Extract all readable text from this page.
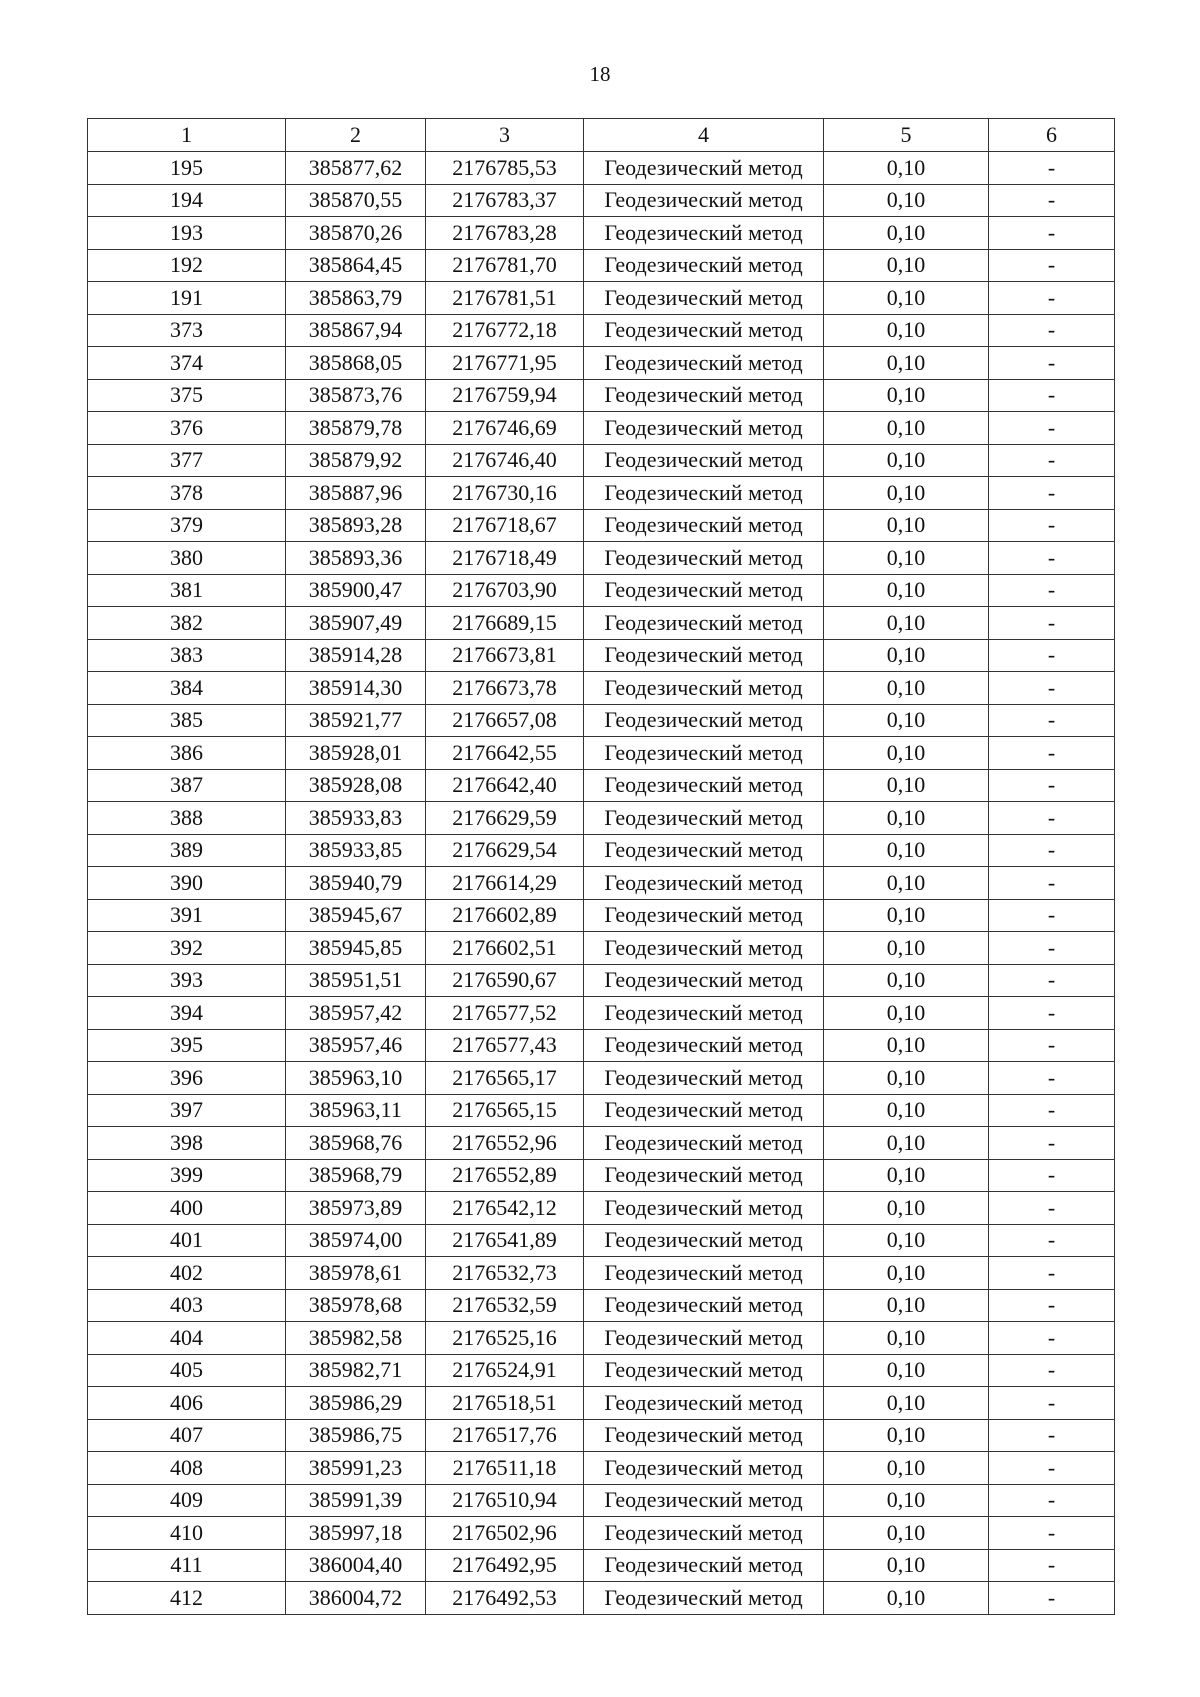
18
1	2	3	4	5	6
195	385877,62	2176785,53	Геодезический метод	0,10	-
194	385870,55	2176783,37	Геодезический метод	0,10	-
193	385870,26	2176783,28	Геодезический метод	0,10	-
192	385864,45	2176781,70	Геодезический метод	0,10	-
191	385863,79	2176781,51	Геодезический метод	0,10	-
373	385867,94	2176772,18	Геодезический метод	0,10	-
374	385868,05	2176771,95	Геодезический метод	0,10	-
375	385873,76	2176759,94	Геодезический метод	0,10	-
376	385879,78	2176746,69	Геодезический метод	0,10	-
377	385879,92	2176746,40	Геодезический метод	0,10	-
378	385887,96	2176730,16	Геодезический метод	0,10	-
379	385893,28	2176718,67	Геодезический метод	0,10	-
380	385893,36	2176718,49	Геодезический метод	0,10	-
381	385900,47	2176703,90	Геодезический метод	0,10	-
382	385907,49	2176689,15	Геодезический метод	0,10	-
383	385914,28	2176673,81	Геодезический метод	0,10	-
384	385914,30	2176673,78	Геодезический метод	0,10	-
385	385921,77	2176657,08	Геодезический метод	0,10	-
386	385928,01	2176642,55	Геодезический метод	0,10	-
387	385928,08	2176642,40	Геодезический метод	0,10	-
388	385933,83	2176629,59	Геодезический метод	0,10	-
389	385933,85	2176629,54	Геодезический метод	0,10	-
390	385940,79	2176614,29	Геодезический метод	0,10	-
391	385945,67	2176602,89	Геодезический метод	0,10	-
392	385945,85	2176602,51	Геодезический метод	0,10	-
393	385951,51	2176590,67	Геодезический метод	0,10	-
394	385957,42	2176577,52	Геодезический метод	0,10	-
395	385957,46	2176577,43	Геодезический метод	0,10	-
396	385963,10	2176565,17	Геодезический метод	0,10	-
397	385963,11	2176565,15	Геодезический метод	0,10	-
398	385968,76	2176552,96	Геодезический метод	0,10	-
399	385968,79	2176552,89	Геодезический метод	0,10	-
400	385973,89	2176542,12	Геодезический метод	0,10	-
401	385974,00	2176541,89	Геодезический метод	0,10	-
402	385978,61	2176532,73	Геодезический метод	0,10	-
403	385978,68	2176532,59	Геодезический метод	0,10	-
404	385982,58	2176525,16	Геодезический метод	0,10	-
405	385982,71	2176524,91	Геодезический метод	0,10	-
406	385986,29	2176518,51	Геодезический метод	0,10	-
407	385986,75	2176517,76	Геодезический метод	0,10	-
408	385991,23	2176511,18	Геодезический метод	0,10	-
409	385991,39	2176510,94	Геодезический метод	0,10	-
410	385997,18	2176502,96	Геодезический метод	0,10	-
411	386004,40	2176492,95	Геодезический метод	0,10	-
412	386004,72	2176492,53	Геодезический метод	0,10	-
